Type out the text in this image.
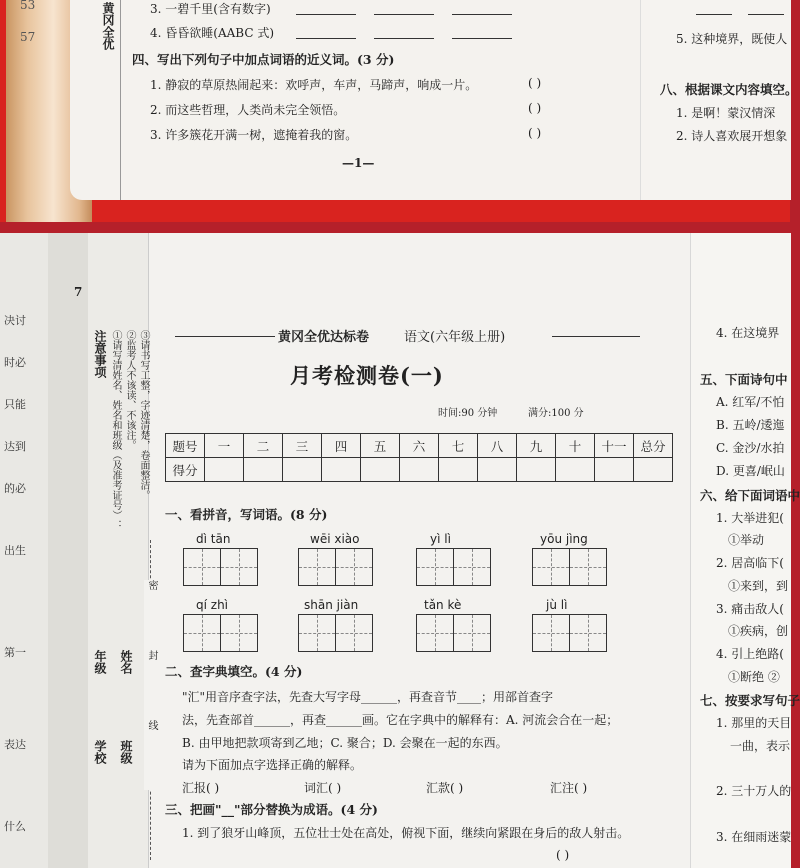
53
57	黄冈全优	3. 一碧千里(含有数字)
4. 昏昏欲睡(AABC 式)
四、写出下列句子中加点词语的近义词。(3 分)
1. 静寂的草原热闹起来：欢呼声，车声，马蹄声，响成一片。	( )
2. 而这些哲理，人类尚未完全领悟。	( )
3. 许多簇花开满一树，遮掩着我的窗。	( )
—1—
5. 这种境界，既使人
八、根据课文内容填空。
1. 是啊！蒙汉情深
2. 诗人喜欢展开想象
决讨
时必
只能
达到
的必
出生
第一
表达
什么
7
注意事项 ①请写清姓名、姓名和班级（及准考证号）： ②监考人不该读、不该注。 ③请书写工整，字迹清楚，卷面整洁。
年级
学校
姓名
班级 密封线
黄冈全优达标卷	语文(六年级上册)
月考检测卷(一)
时间:90 分钟	满分:100 分
题号	一	二	三	四	五	六	七	八	九	十	十一	总分
得分												
一、看拼音，写词语。(8 分)
dì tān	wēi xiào	yì lì	yōu jìng
qí zhì	shān jiàn	tǎn kè	jù lì
二、查字典填空。(4 分)
"汇"用音序查字法，先查大写字母______，再查音节____；用部首查字
法，先查部首______，再查______画。它在字典中的解释有：A. 河流会合在一起；
B. 由甲地把款项寄到乙地；C. 聚合；D. 会聚在一起的东西。
请为下面加点字选择正确的解释。
汇报( )	词汇( )	汇款( )	汇注( )
三、把画"__"部分替换为成语。(4 分)
1. 到了狼牙山峰顶，五位壮士处在高处，俯视下面，继续向紧跟在身后的敌人射击。
( )
4. 在这境界
五、下面诗句中
A. 红军/不怕
B. 五岭/逶迤
C. 金沙/水拍
D. 更喜/岷山
六、给下面词语中
1. 大举进犯(
①举动
2. 居高临下(
①来到，到
3. 痛击敌人(
①疾病，创
4. 引上绝路(
①断绝 ②
七、按要求写句子
1. 那里的天目
一曲，表示
2. 三十万人的
3. 在细雨迷蒙
